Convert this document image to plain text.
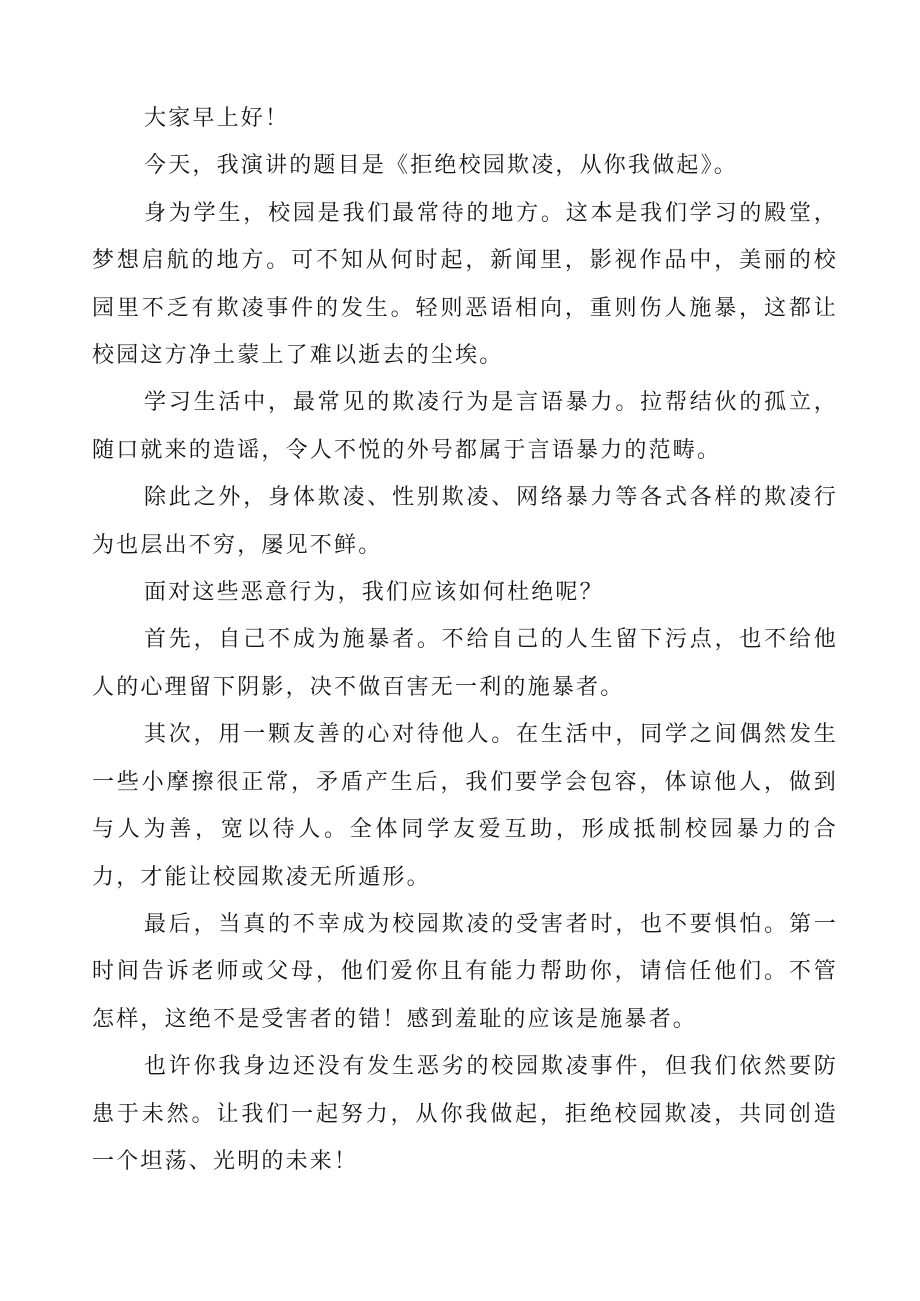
大家早上好！

今天，我演讲的题目是《拒绝校园欺凌，从你我做起》。

身为学生，校园是我们最常待的地方。这本是我们学习的殿堂，梦想启航的地方。可不知从何时起，新闻里，影视作品中，美丽的校园里不乏有欺凌事件的发生。轻则恶语相向，重则伤人施暴，这都让校园这方净土蒙上了难以逝去的尘埃。

学习生活中，最常见的欺凌行为是言语暴力。拉帮结伙的孤立，随口就来的造谣，令人不悦的外号都属于言语暴力的范畴。

除此之外，身体欺凌、性别欺凌、网络暴力等各式各样的欺凌行为也层出不穷，屡见不鲜。

面对这些恶意行为，我们应该如何杜绝呢？

首先，自己不成为施暴者。不给自己的人生留下污点，也不给他人的心理留下阴影，决不做百害无一利的施暴者。

其次，用一颗友善的心对待他人。在生活中，同学之间偶然发生一些小摩擦很正常，矛盾产生后，我们要学会包容，体谅他人，做到与人为善，宽以待人。全体同学友爱互助，形成抵制校园暴力的合力，才能让校园欺凌无所遁形。

最后，当真的不幸成为校园欺凌的受害者时，也不要惧怕。第一时间告诉老师或父母，他们爱你且有能力帮助你，请信任他们。不管怎样，这绝不是受害者的错！感到羞耻的应该是施暴者。

也许你我身边还没有发生恶劣的校园欺凌事件，但我们依然要防患于未然。让我们一起努力，从你我做起，拒绝校园欺凌，共同创造一个坦荡、光明的未来！
